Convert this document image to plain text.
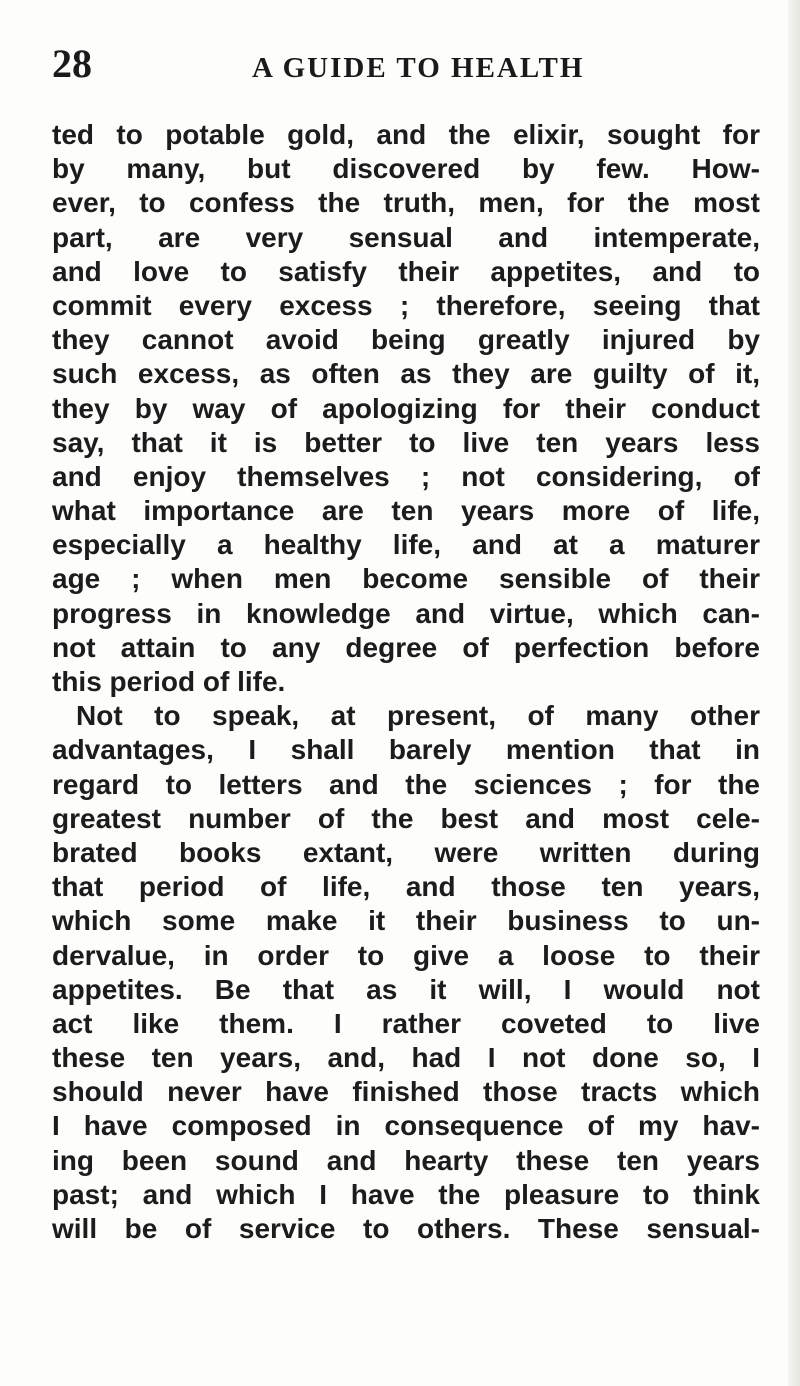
28	A GUIDE TO HEALTH
ted to potable gold, and the elixir, sought for
by many, but discovered by few. How-
ever, to confess the truth, men, for the most
part, are very sensual and intemperate,
and love to satisfy their appetites, and to
commit every excess ; therefore, seeing that
they cannot avoid being greatly injured by
such excess, as often as they are guilty of it,
they by way of apologizing for their conduct
say, that it is better to live ten years less
and enjoy themselves ; not considering, of
what importance are ten years more of life,
especially a healthy life, and at a maturer
age ; when men become sensible of their
progress in knowledge and virtue, which can-
not attain to any degree of perfection before
this period of life.
Not to speak, at present, of many other
advantages, I shall barely mention that in
regard to letters and the sciences ; for the
greatest number of the best and most cele-
brated books extant, were written during
that period of life, and those ten years,
which some make it their business to un-
dervalue, in order to give a loose to their
appetites. Be that as it will, I would not
act like them. I rather coveted to live
these ten years, and, had I not done so, I
should never have finished those tracts which
I have composed in consequence of my hav-
ing been sound and hearty these ten years
past; and which I have the pleasure to think
will be of service to others. These sensual-
